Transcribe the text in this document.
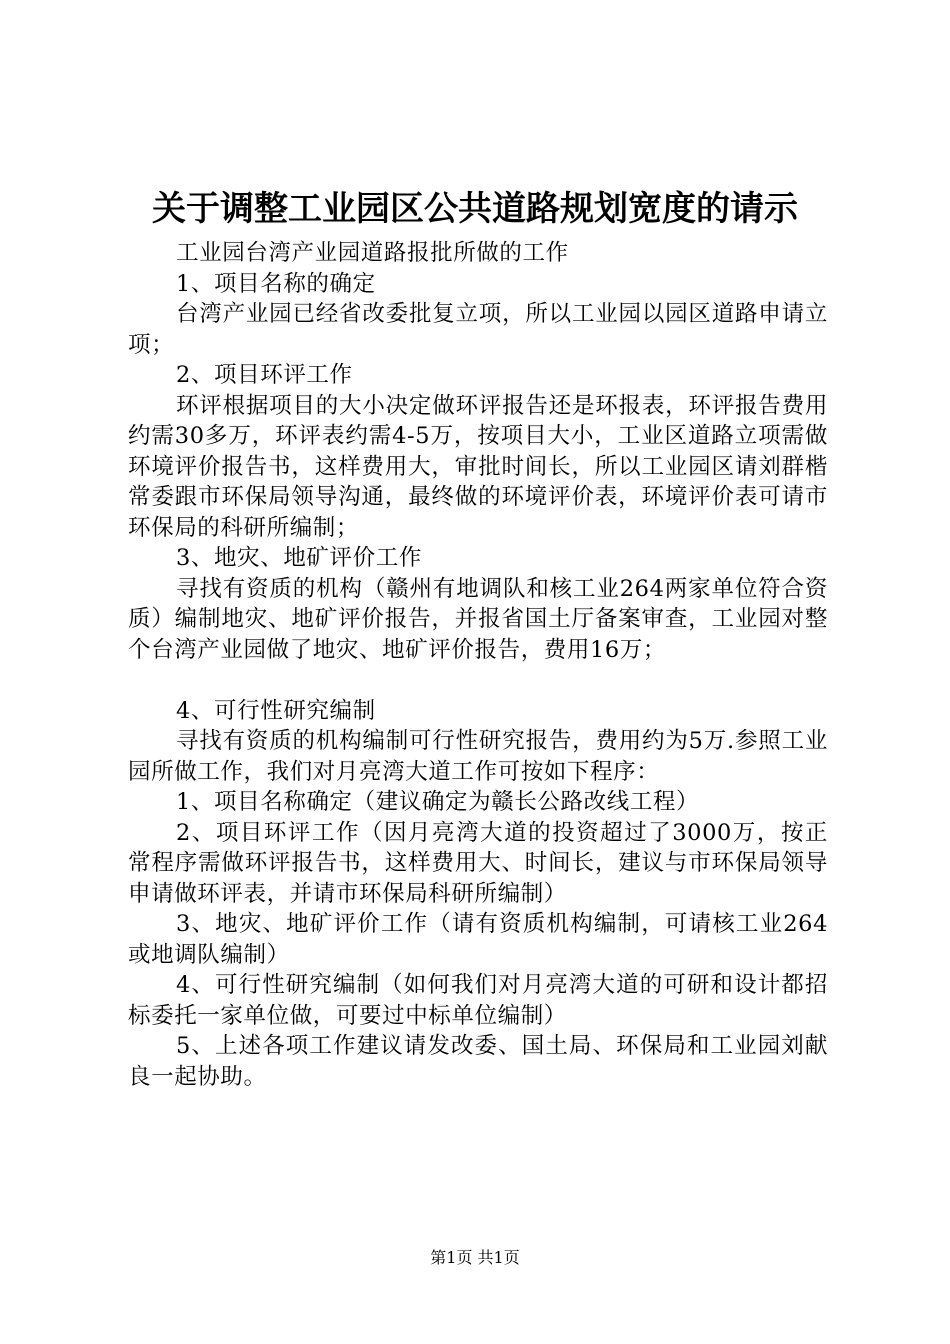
关于调整工业园区公共道路规划宽度的请示

工业园台湾产业园道路报批所做的工作

1、项目名称的确定

台湾产业园已经省改委批复立项，所以工业园以园区道路申请立项；

2、项目环评工作

环评根据项目的大小决定做环评报告还是环报表，环评报告费用约需30多万，环评表约需4-5万，按项目大小，工业区道路立项需做环境评价报告书，这样费用大，审批时间长，所以工业园区请刘群楷常委跟市环保局领导沟通，最终做的环境评价表，环境评价表可请市环保局的科研所编制；

3、地灾、地矿评价工作

寻找有资质的机构（赣州有地调队和核工业264两家单位符合资质）编制地灾、地矿评价报告，并报省国土厅备案审查，工业园对整个台湾产业园做了地灾、地矿评价报告，费用16万；

4、可行性研究编制

寻找有资质的机构编制可行性研究报告，费用约为5万.参照工业园所做工作，我们对月亮湾大道工作可按如下程序：

1、项目名称确定（建议确定为赣长公路改线工程）

2、项目环评工作（因月亮湾大道的投资超过了3000万，按正常程序需做环评报告书，这样费用大、时间长，建议与市环保局领导申请做环评表，并请市环保局科研所编制）

3、地灾、地矿评价工作（请有资质机构编制，可请核工业264或地调队编制）

4、可行性研究编制（如何我们对月亮湾大道的可研和设计都招标委托一家单位做，可要过中标单位编制）

5、上述各项工作建议请发改委、国土局、环保局和工业园刘献良一起协助。

第1页 共1页
